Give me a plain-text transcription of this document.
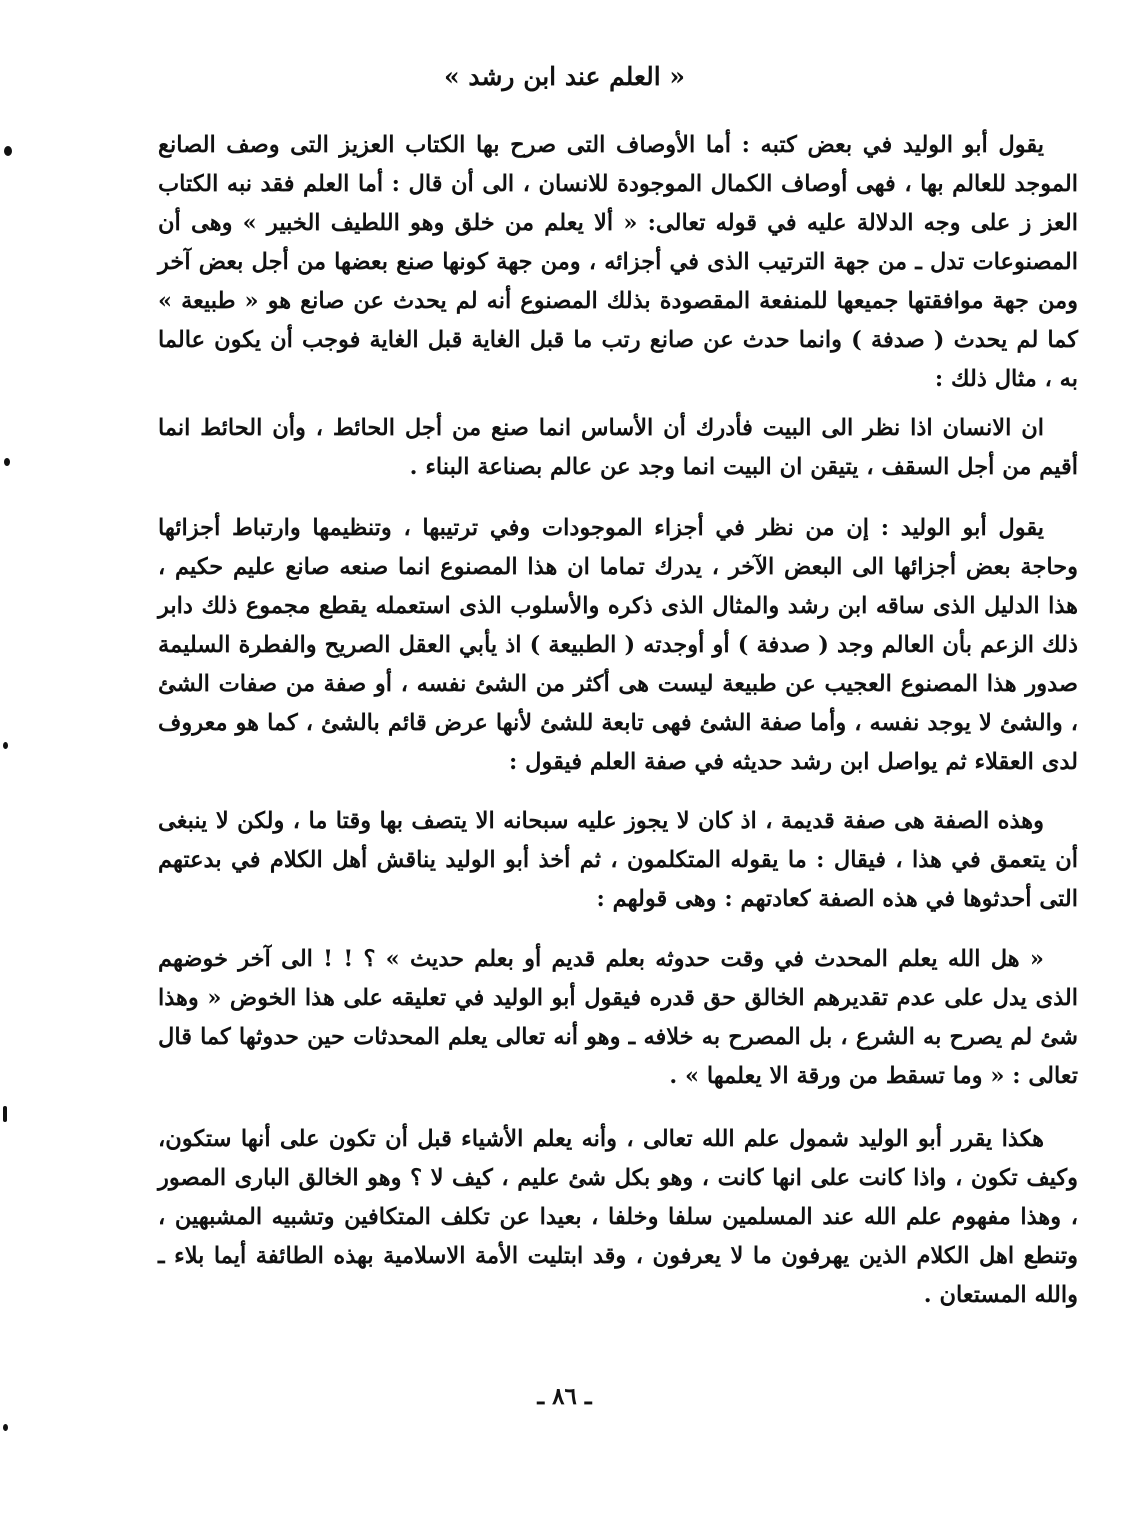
« العلم عند ابن رشد »

يقول أبو الوليد في بعض كتبه : أما الأوصاف التى صرح بها الكتاب العزيز التى وصف الصانع الموجد للعالم بها ، فهى أوصاف الكمال الموجودة للانسان ، الى أن قال : أما العلم فقد نبه الكتاب العز ز على وجه الدلالة عليه في قوله تعالى: « ألا يعلم من خلق وهو اللطيف الخبير » وهى أن المصنوعات تدل ـ من جهة الترتيب الذى في أجزائه ، ومن جهة كونها صنع بعضها من أجل بعض آخر ومن جهة موافقتها جميعها للمنفعة المقصودة بذلك المصنوع أنه لم يحدث عن صانع هو « طبيعة » كما لم يحدث ( صدفة ) وانما حدث عن صانع رتب ما قبل الغاية قبل الغاية فوجب أن يكون عالما به ، مثال ذلك :

ان الانسان اذا نظر الى البيت فأدرك أن الأساس انما صنع من أجل الحائط ، وأن الحائط انما أقيم من أجل السقف ، يتيقن ان البيت انما وجد عن عالم بصناعة البناء .

يقول أبو الوليد : إن من نظر في أجزاء الموجودات وفي ترتيبها ، وتنظيمها وارتباط أجزائها وحاجة بعض أجزائها الى البعض الآخر ، يدرك تماما ان هذا المصنوع انما صنعه صانع عليم حكيم ، هذا الدليل الذى ساقه ابن رشد والمثال الذى ذكره والأسلوب الذى استعمله يقطع مجموع ذلك دابر ذلك الزعم بأن العالم وجد ( صدفة ) أو أوجدته ( الطبيعة ) اذ يأبي العقل الصريح والفطرة السليمة صدور هذا المصنوع العجيب عن طبيعة ليست هى أكثر من الشئ نفسه ، أو صفة من صفات الشئ ، والشئ لا يوجد نفسه ، وأما صفة الشئ فهى تابعة للشئ لأنها عرض قائم بالشئ ، كما هو معروف لدى العقلاء ثم يواصل ابن رشد حديثه في صفة العلم فيقول :

وهذه الصفة هى صفة قديمة ، اذ كان لا يجوز عليه سبحانه الا يتصف بها وقتا ما ، ولكن لا ينبغى أن يتعمق في هذا ، فيقال : ما يقوله المتكلمون ، ثم أخذ أبو الوليد يناقش أهل الكلام في بدعتهم التى أحدثوها في هذه الصفة كعادتهم : وهى قولهم :

« هل الله يعلم المحدث في وقت حدوثه بعلم قديم أو بعلم حديث » ؟ ! ! الى آخر خوضهم الذى يدل على عدم تقديرهم الخالق حق قدره فيقول أبو الوليد في تعليقه على هذا الخوض « وهذا شئ لم يصرح به الشرع ، بل المصرح به خلافه ـ وهو أنه تعالى يعلم المحدثات حين حدوثها كما قال تعالى : « وما تسقط من ورقة الا يعلمها » .

هكذا يقرر أبو الوليد شمول علم الله تعالى ، وأنه يعلم الأشياء قبل أن تكون على أنها ستكون، وكيف تكون ، واذا كانت على انها كانت ، وهو بكل شئ عليم ، كيف لا ؟ وهو الخالق البارى المصور ، وهذا مفهوم علم الله عند المسلمين سلفا وخلفا ، بعيدا عن تكلف المتكافين وتشبيه المشبهين ، وتنطع اهل الكلام الذين يهرفون ما لا يعرفون ، وقد ابتليت الأمة الاسلامية بهذه الطائفة أيما بلاء ـ والله المستعان .

ـ ٨٦ ـ
